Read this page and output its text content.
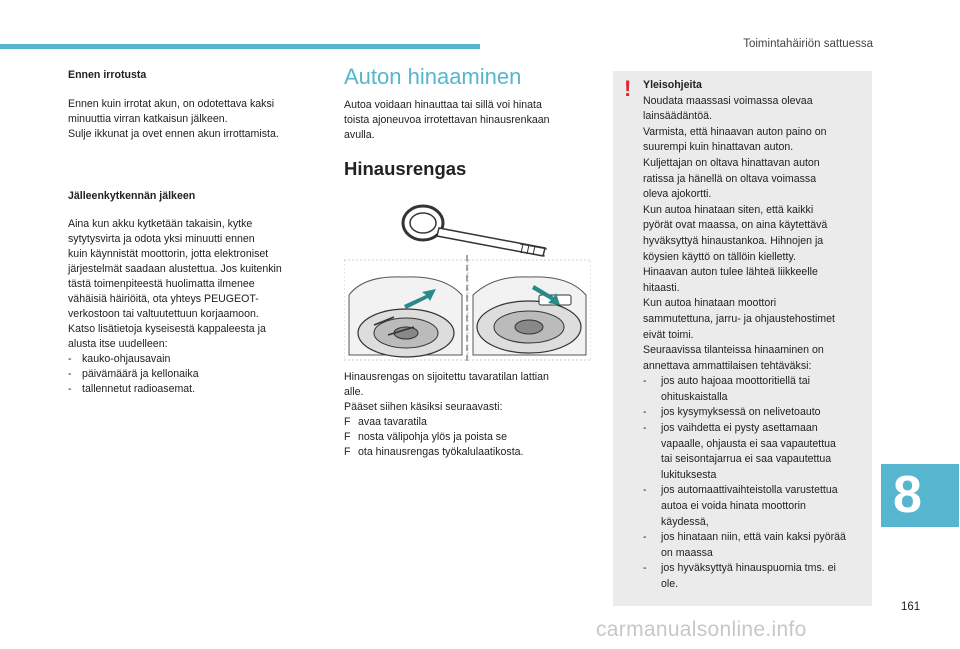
Toimintahäiriön sattuessa
Ennen irrotusta

Ennen kuin irrotat akun, on odotettava kaksi

minuuttia virran katkaisun jälkeen.

Sulje ikkunat ja ovet ennen akun irrottamista.

Jälleenkytkennän jälkeen

Aina kun akku kytketään takaisin, kytke

sytytysvirta ja odota yksi minuutti ennen

kuin käynnistät moottorin, jotta elektroniset

järjestelmät saadaan alustettua. Jos kuitenkin

tästä toimenpiteestä huolimatta ilmenee

vähäisiä häiriöitä, ota yhteys PEUGEOT-

verkostoon tai valtuutettuun korjaamoon.

Katso lisätietoja kyseisestä kappaleesta ja

alusta itse uudelleen:

- kauko-ohjausavain
- päivämäärä ja kellonaika
- tallennetut radioasemat.
Auton hinaaminen

Autoa voidaan hinauttaa tai sillä voi hinata

toista ajoneuvoa irrotettavan hinausrenkaan

avulla.

Hinausrengas

Hinausrengas on sijoitettu tavaratilan lattian

alle.

Pääset siihen käsiksi seuraavasti:

F avaa tavaratila
F nosta välipohja ylös ja poista se
F ota hinausrengas työkalulaatikosta.
! Yleisohjeita

Noudata maassasi voimassa olevaa

lainsäädäntöä.

Varmista, että hinaavan auton paino on

suurempi kuin hinattavan auton.

Kuljettajan on oltava hinattavan auton

ratissa ja hänellä on oltava voimassa

oleva ajokortti.

Kun autoa hinataan siten, että kaikki

pyörät ovat maassa, on aina käytettävä

hyväksyttyä hinaustankoa. Hihnojen ja

köysien käyttö on tällöin kielletty.

Hinaavan auton tulee lähteä liikkeelle

hitaasti.

Kun autoa hinataan moottori

sammutettuna, jarru- ja ohjaustehostimet

eivät toimi.

Seuraavissa tilanteissa hinaaminen on

annettava ammattilaisen tehtäväksi:

-	jos auto hajoaa moottoritiellä tai

ohituskaistalla

-	jos kysymyksessä on nelivetoauto

-	jos vaihdetta ei pysty asettamaan

vapaalle, ohjausta ei saa vapautettua

tai seisontajarrua ei saa vapautettua

lukituksesta

-	jos automaattivaihteistolla varustettua

autoa ei voida hinata moottorin

käydessä,

-	jos hinataan niin, että vain kaksi pyörää

on maassa

-	jos hyväksyttyä hinauspuomia tms. ei

ole.

8
161
carmanualsonline.info
